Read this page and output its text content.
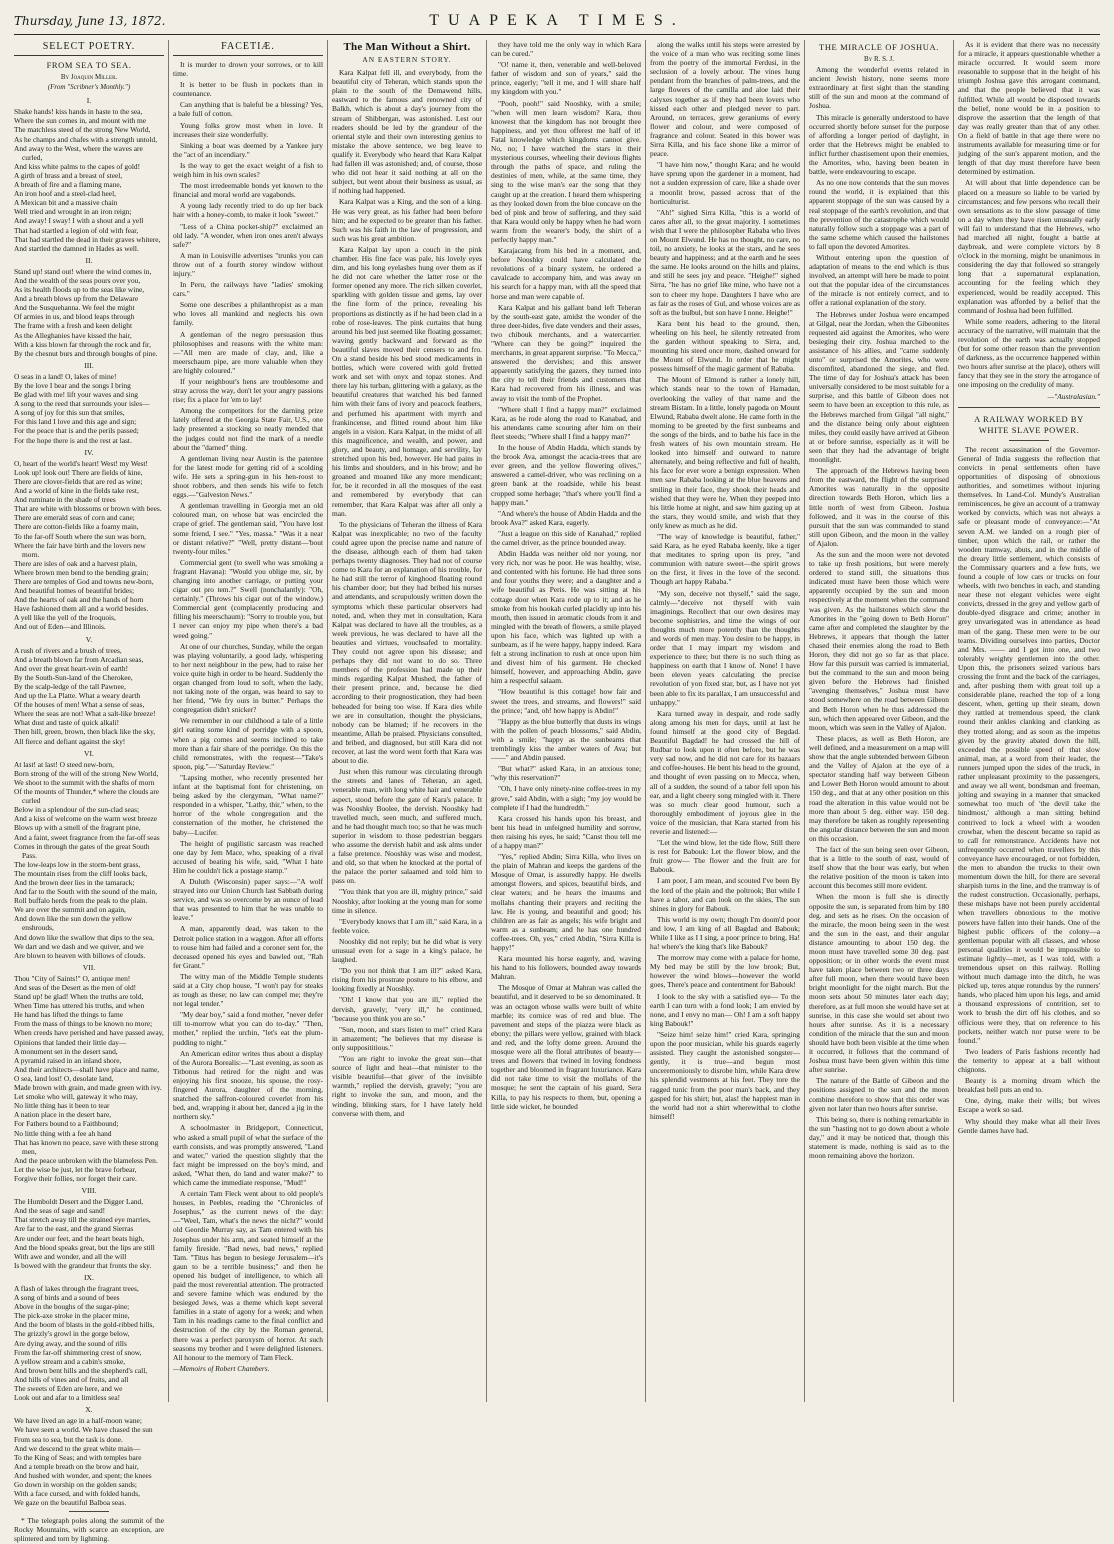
Thursday, June 13, 1872.	TUAPEKA TIMES.
SELECT POETRY.
FROM SEA TO SEA.
By Joaquin Miller.
(From "Scribner's Monthly.")
I.
Shake hands! kiss hands in haste to the sea,
Where the sun comes in, and mount with me
The matchless steed of the strong New World,
As he champs and chafes with a strength untold,
And away to the West, where the waves are curled,
And kiss white palms to the capes of gold!
A girth of brass and a breast of steel,
A breath of fire and a flaming mane,
An iron hoof and a steel-clad heel,
A Mexican bit and a massive chain
Well tried and wrought in an iron reign;
And away! I sway! I with a shout and a yell
That had startled a legion of old with fear,
That had startled the dead in their graves whitere,
And startled the damned in Hades as well.
II.
Stand up! stand out! where the wind comes in,
And the wealth of the seas pours over you,
As its health floods up to the seas like wine,
And a breath blows up from the Delaware
And the Susquehanna. We feel the might
Of armies in us, and blood leaps through
The frame with a fresh and keen delight
As the Alleghanies have kissed the hair,
With a kiss blown far through the rock and fir,
By the chesnut burs and through boughs of pine.
III.
O seas in a land! O, lakes of mine!
By the love I bear and the songs I bring
Be glad with me! lift your waves and sing
A song to the reed that surrounds your isles—
A song of joy for this sun that smiles,
For this land I love and this age and sign;
For the peace that is and the perils passed;
For the hope there is and the rest at last.
IV.
O, heart of the world's heart! West! my West!
Look up! look out! There are fields of kine,
There are clover-fields that are red as wine;
And a world of kine in the fields take rest,
And ruminate in the shade of trees
That are white with blossoms or brown with bees.
There are emerald seas of corn and cane;
There are cotton-fields like a foamy main,
To the far-off South where the sun was born,
Where the fair have birth and the lovers new morn.
There are isles of oak and a harvest plain,
Where brown men bend to the bending grain;
There are temples of God and towns new-born,
And beautiful homes of beautiful brides;
And the hearts of oak and the hands of horn
Have fashioned them all and a world besides.
A yell like the yell of the Iroquois,
And out of Eden—and Illinois.
V.
A rush of rivers and a brush of trees,
And a breath blown far from Arcadian seas,
And over the great heart-vein of earth!
By the South-Sun-land of the Cherokee,
By the scalp-ledge of the tall Pawnee,
And up the La Platte. What a weary dearth
Of the houses of men! What a sense of seas,
Where the seas are not! What a salt-like breeze!
What dust and taste of quick alkali!
Then hill, green, brown, then black like the sky,
All fierce and defiant against the sky!
VI.
At last! at last! O steed new-born,
Born strong of the will of the strong New World,
We shoot to the summit with the shafts of morn
Of the mounts of Thunder,* where the clouds are curled
Below in a splendour of the sun-clad seas;
And a kiss of welcome on the warm west breeze
Blows up with a smell of the fragrant pine,
And a faint, sweet fragrance from the far-off seas
Comes in through the gates of the great South Pass.
The low-leaps low in the storm-bent grass,
The mountain rises from the cliff looks back,
And the brown deer lies in the tamarack;
And far to the South with the sound of the main,
Roll buffalo herds from the peak to the plain.
We are over the summit and on again,
And down like the sun down the yellow enshrouds,
And down like the swallow that dips to the sea,
We dart and we dash and we quiver, and we
Are blown to heaven with billows of clouds.
VII.
Thou "City of Saints!" O, antique men!
And seas of the Desert as the men of old!
Stand up! be glad! When the truths are told,
When Time has uttered his truths, and when
He hand has lifted the things to fame
From the mass of things to be known no more;
When creeds have perished and have passed away,
Opinions that landed their little day—
A monument set in the desert sand,
A pyramid raised in an inland shore,
And their architects—shall have place and name,
O sea, land lost! O, desolate land,
Made brown with grain, and made green with ivy.
Let smoke who will, gateway it who may,
No little thing has it been to tear
A nation place in the desert bare,
For Fathers bound to a Faithbound;
No little thing with a fee ah hand
That has known no peace, save with these strong men,
And the peace unbroken with the blameless Pen.
Let the wise be just, let the brave forbear,
Forgive their follies, nor forget their care.
VIII.
The Humboldt Desert and the Digger Land,
And the seas of sage and sand!
That stretch away till the strained eye marries,
Are far to the east, and the grand Sierras
Are under our feet, and the heart beats high,
And the blood speaks great, but the lips are still
With awe and wonder, and all the will
Is bowed with the grandeur that fronts the sky.
IX.
A flash of lakes through the fragrant trees,
A song of birds and a sound of bees
Above in the boughs of the sugar-pine;
The pick-axe stroke in the placer mine,
And the boom of blasts in the gold-ribbed hills,
The grizzly's growl in the gorge below,
Are dying away, and the sound of rills
From the far-off shimmering crest of snow,
A yellow stream and a cabin's smoke,
And brown bent hills and the shepherd's call,
And hills of vines and of fruits, and all
The sweets of Eden are here, and we
Look out and afar to a limitless sea!
X.
We have lived an age in a half-moon wane;
We have seen a world. We have chased the sun
From sea to sea, but the task is done.
And we descend to the great white main—
To the King of Seas; and with temples bare
And a temple breath on the brow and hair,
And hushed with wonder, and spent; the knees
Go down in worship on the golden sands;
With a face cursed, and with folded hands,
We gaze on the beautiful Balboa seas.

* The telegraph poles along the summit of the Rocky Mountains, with scarce an exception, are splintered and torn by lightning.

FACETIÆ.

It is murder to drown your sorrows, or to kill time.

It is better to be flush in pockets than in countenance.

Can anything that is baleful be a blessing? Yes, a bale full of cotton.

Young folks grow most when in love. It increases their size wonderfully.

Sinking a boat was deemed by a Yankee jury the "act of an incendiary."

Is the way to get the exact weight of a fish to weigh him in his own scales?

The most irredeemable bonds yet known to the financial and moral world are vagabonds.

A young lady recently tried to do up her back hair with a honey-comb, to make it look "sweet."

"Less of a China pocket-ship?" exclaimed an old lady. "A wonder, when iron ones aren't always safe?"

A man in Louisville advertises "trunks you can throw out of a fourth storey window without injury."

In Peru, the railways have "ladies' smoking cars."

Some one describes a philanthropist as a man who loves all mankind and neglects his own family.

A gentleman of the negro persuasion thus philosophises and reasons with the white man:—"All men are made of clay, and, like a meerschaum pipe, are more valuable when they are highly coloured."

If your neighbour's hens are troublesome and stray across the way, don't let your angry passions rise; fix a place for 'em to lay!

Among the competitors for the darning prize lately offered at the Georgia State Fair, U.S., one lady presented a stocking so neatly mended that the judges could not find the mark of a needle about the "darned" thing.

A gentleman living near Austin is the patentee for the latest mode for getting rid of a scolding wife. He sets a spring-gun in his hen-roost to shoot robbers, and then sends his wife to fetch eggs.—"Galveston News."

A gentleman travelling in Georgia met an old coloured man, on whose hat was encircled the crape of grief. The gentleman said, "You have lost some friend, I see." "Yes, massa." "Was it a near or distant relative?" "Well, pretty distant—'bout twenty-four miles."

Commercial gent (to swell who was smoking a fragrant Havana): "Would you oblige me, sir, by changing into another carriage, or putting your cigar out pro tem.?" Swell (nonchalantly): "Oh, certainly." (Throws his cigar out of the window.) Commercial gent (complacently producing and filling his meerschaum): "Sorry to trouble you, but I never can enjoy my pipe when there's a bad weed going."

At one of our churches, Sunday, while the organ was playing voluntarily, a good lady, whispering to her next neighbour in the pew, had to raise her voice quite high in order to be heard. Suddenly the organ changed from loud to soft, when the lady, not taking note of the organ, was heard to say to her friend, "We fry ours in butter." Perhaps the congregation didn't snicker?

We remember in our childhood a tale of a little girl eating some kind of porridge with a spoon, when a pig comes and seems inclined to take more than a fair share of the porridge. On this the child remonstrates, with the request—"Take's spoon, pig."—"Saturday Review."

"Lapsing mother, who recently presented her infant at the baptismal font for christening, on being asked by the clergyman, "What name?" responded in a whisper, "Lathy, thir," when, to the horror of the whole congregation and the consternation of the mother, he christened the baby—Lucifer.

The height of pugilistic sarcasm was reached one day by Jem Mace, who, speaking of a rival accused of beating his wife, said, "What I hate Him he couldn't lick a postage stamp."

A Duluth (Wisconsin) paper says:—"A wolf strayed into our Union Church last Sabbath during service, and was so overcome by an ounce of lead that was presented to him that he was unable to leave."

A man, apparently dead, was taken to the Detroit police station in a waggon. After all efforts to rouse him had failed and a coroner sent for, the deceased opened his eyes and bawled out, "Rah fer Grant."

The witty man of the Middle Temple students said at a City chop house, "I won't pay for steaks as tough as these; no law can compel me; they're not legal tender."

"My dear boy," said a fond mother, "never defer till to-morrow what you can do to-day." "Then, mother," replied the urchin, "let's eat the plum-pudding to night."

An American editor writes thus about a display of the Aurora Borealis:—"Last evening, as soon as Titbonus had retired for the night and was enjoying his first snooze, his spouse, the rosy-fingered Aurora, daughter of the morning, snatched the saffron-coloured coverlet from his bed, and, wrapping it about her, danced a jig in the northern sky."

A schoolmaster in Bridgeport, Connecticut, who asked a small pupil of what the surface of the earth consists, and was promptly answered, "Land and water," varied the question slightly that the fact might be impressed on the boy's mind, and asked, "What then, do land and water make?" to which came the immediate response, "Mud!"

A certain Tam Fleck went about to old people's houses, in Peebles, reading the "Chronicles of Josephus," as the current news of the day:—"Weel, Tam, what's the news the nicht?" would old Geordie Murray say, as Tam entered with his Josephus under his arm, and seated himself at the family fireside. "Bad news, bad news," replied Tam. "Titus has begun to besiege Jerusalem—it's gaun to be a terrible business;" and then he opened his budget of intelligence, to which all paid the most reverential attention. The protracted and severe famine which was endured by the besieged Jews, was a theme which kept several families in a state of agony for a week; and when Tam in his readings came to the final conflict and destruction of the city by the Roman general, there was a perfect paroxysm of horror. At such seasons my brother and I were delighted listeners. All honour to the memory of Tam Fleck.

—Memoirs of Robert Chambers.

The Man Without a Shirt.
AN EASTERN STORY.

Kara Kalpat fell ill, and everybody, from the beautiful city of Teheran, which stands upon the plain to the south of the Demawend hills, eastward to the famous and renowned city of Balkh, which is about a day's journey from the stream of Shibbergan, was astonished. Lest our readers should be led by the grandeur of the oriental style and their own interesting genius to mistake the above sentence, we beg leave to qualify it. Everybody who heard that Kara Kalpat had fallen ill was astonished; and, of course, those who did not hear it said nothing at all on the subject, but went about their business as usual, as if nothing had happened.

Kara Kalpat was a King, and the son of a king. He was very great, as his father had been before him; and he expected to be greater than his father. Such was his faith in the law of progression, and such was his great ambition.

Kara Kalpat lay upon a couch in the pink chamber. His fine face was pale, his lovely eyes dim, and his long eyelashes hung over them as if he did not care whether the latter rose or the former opened any more. The rich silken coverlet, sparkling with golden tissue and gems, lay over the fine form of the prince, revealing his proportions as distinctly as if he had been clad in a robe of rose-leaves. The pink curtains that hung around his bed just seemed like floating gossamer, waving gently backward and forward as the beautiful slaves moved their censers to and fro. On a stand beside his bed stood medicaments in bottles, which were covered with gold fretted work and set with onyx and topaz stones. And there lay his turban, glittering with a galaxy, as the beautiful creatures that watched his bed fanned him with their fans of ivory and peacock feathers, and perfumed his apartment with myrrh and frankincense, and flitted round about him like angels in a vision. Kara Kalpat, in the midst of all this magnificence, and wealth, and power, and glory, and beauty, and homage, and servility, lay stretched upon his bed, however. He had pains in his limbs and shoulders, and in his brow; and he groaned and moaned like any more mendicant; for, be it recorded in all the mosques of the east and remembered by everybody that can remember, that Kara Kalpat was after all only a man.

To the physicians of Teheran the illness of Kara Kalpat was inexplicable; no two of the faculty could agree upon the precise name and nature of the disease, although each of them had taken perhaps twenty diagnoses. They had not of course come to Kara for an explanation of his trouble, for he had still the terror of kinghood floating round his chamber door; but they had bribed his nurses and attendants, and scrupulously written down the symptoms which these particular observers had noted, and, when they met in consultation, Kara Kalpat was declared to have all the troubles, as a week previous, he was declared to have all the beauties and virtues, vouchsafed to mortality. They could not agree upon his disease; and perhaps they did not want to do so. Three members of the profession had made up their minds regarding Kalpat Mushed, the father of their present prince, and, because he died according to their prognostication, they had been beheaded for being too wise. If Kara dies while we are in consultation, thought the physicians, nobody can be blamed; if he recovers in the meantime, Allah be praised. Physicians consulted, and bribed, and diagnosed, but still Kara did not recover, at last the word went forth that Kara was about to die.

Just when this rumour was circulating through the streets and lanes of Teheran, an aged, venerable man, with long white hair and venerable aspect, stood before the gate of Kara's palace. It was Nooshky Boolee, the dervish. Nooshky had travelled much, seen much, and suffered much, and he had thought much too; so that he was much superior in wisdom to those pedestrian beggars who assume the dervish habit and ask alms under a false pretence. Nooshky was wise and modest, and old, so that when he knocked at the portal of the palace the porter salaamed and told him to pass on.

"You think that you are ill, mighty prince," said Nooshky, after looking at the young man for some time in silence.

"Everybody knows that I am ill," said Kara, in a feeble voice.

Nooshky did not reply; but he did what is very unusual even for a sage in a king's palace, he laughed.

"Do you not think that I am ill?" asked Kara, rising from his prostrate posture to his elbow, and looking fixedly at Nooshky.

"Oh! I know that you are ill," replied the dervish, gravely; "very ill," he continued, "because you think you are so."

"Sun, moon, and stars listen to me!" cried Kara in amazement; "he believes that my disease is only supposititious."

"You are right to invoke the great sun—that source of light and heat—that minister to the visible beautiful—that giver of the invisible warmth," replied the dervish, gravely; "you are right to invoke the sun, and moon, and the winding, blinking stars, for I have lately held converse with them, and

they have told me the only way in which Kara can be cured."

"O! name it, then, venerable and well-beloved father of wisdom and son of years," said the prince, eagerly; "tell it me, and I will share half my kingdom with you."

"Pooh, pooh!" said Nooshky, with a smile; "when will men learn wisdom? Kara, thou knowest that the kingdom has not brought thee happiness, and yet thou offerest me half of it! Fatal knowledge which kingdoms cannot give. No, no; I have watched the stars in their mysterious courses, wheeling their devious flights through the paths of space, and ruling the destinies of men, while, at the same time, they sing to the wise man's ear the song that they caught up at the creation. I heard them whispering as they looked down from the blue concave on the bed of pink and brow of suffering, and they said that Kara would only be happy when he had worn warm from the wearer's body, the shirt of a perfectly happy man."

Karajacang from his bed in a moment, and, before Nooshky could have calculated the revolutions of a binary system, he ordered a cavalcade to accompany him, and was away on his search for a happy man, with all the speed that horse and man were capable of.

Kara Kalpat and his gallant band left Teheran by the south-east gate, amidst the wonder of the three deer-hides, five date venders and their asses, two chibouk merchants, and a watercarrier. "Where can they be going?" inquired the merchants, in great apparent surprise. "To Mecca," answered the dervishes; and this answer apparently satisfying the gazers, they turned into the city to tell their friends and customers that Kara had recovered from his illness, and was away to visit the tomb of the Prophet.

"Where shall I find a happy man?" exclaimed Kara, as he rode along the road to Kanabad, and his attendants came scouring after him on their fleet steeds; "Where shall I find a happy man?"

In the house of Abdin Hadda, which stands by the brook Ava, amongst the acacia-trees that are ever green, and the yellow flowering olives," answered a camel-driver, who was reclining on a green bank at the roadside, while his beast cropped some herbage; "that's where you'll find a happy man."

"And where's the house of Abdin Hadda and the brook Ava?" asked Kara, eagerly.

"Just a league on this side of Kanahad," replied the camel driver, as the prince bounded away.

Abdin Hadda was neither old nor young, nor very rich, nor was he poor. He was healthy, wise, and contented with his fortune. He had three sons and four youths they were; and a daughter and a wife beautiful as Peris. He was sitting at his cottage door when Kara rode up to it; and as he smoke from his hookah curled placidly up into his mouth, then issued in aromatic clouds from it and mingled with the breath of flowers, a smile played upon his face, which was lighted up with a sunbeam, as if he were happy, happy indeed. Kara felt a strong inclination to rush at once upon him and divest him of his garment. He checked himself, however, and approaching Abdin, gave him a respectful salaam.

"How beautiful is this cottage! how fair and sweet the trees, and streams, and flowers!" said the prince; "and, oh! how happy is Abdin!"

"Happy as the blue butterfly that dusts its wings with the pollen of peach blossoms," said Abdin, with a smile; "happy as the sunbeams that tremblingly kiss the amber waters of Ava; but——" and Abdin paused.

"But what?" asked Kara, in an anxious tone; "why this reservation?"

"Oh, I have only ninety-nine coffee-trees in my grove," said Abdin, with a sigh; "my joy would be complete if I had the hundredth."

Kara crossed his hands upon his breast, and bent his head in unfeigned humility and sorrow, then raising his eyes, he said; "Canst thou tell me of a happy man?"

"Yes," replied Abdin; Sirra Killa, who lives on the plain of Mahran and keeps the gardens of the Mosque of Omar, is assuredly happy. He dwells amongst flowers, and spices, beautiful birds, and clear waters; and he hears the imaums and mollahs chanting their prayers and reciting the law. He is young, and beautiful and good; his children are as fair as angels; his wife bright and warm as a sunbeam; and he has one hundred coffee-trees. Oh, yes," cried Abdin, "Sirra Killa is happy!"

Kara mounted his horse eagerly, and, waving his hand to his followers, bounded away towards Mahran.

The Mosque of Omar at Mahran was called the beautiful, and it deserved to be so denominated. It was an octagon whose walls were built of white marble; its cornice was of red and blue. The pavement and steps of the piazza were black as ebony; the pillars were yellow, grained with black and red, and the lofty dome green. Around the mosque were all the floral attributes of beauty—trees and flowers that twined in loving fondness together and bloomed in fragrant luxuriance. Kara did not take time to visit the mollahs of the mosque; he sent the captain of his guard, Sera Killa, to pay his respects to them, but, opening a little side wicket, he bounded

along the walks until his steps were arrested by the voice of a man who was reciting some lines from the poetry of the immortal Ferdusi, in the seclusion of a lovely arbour. The vines hung pendant from the branches of palm-trees, and the large flowers of the camilla and aloe laid their calyxes together as if they had been lovers who kissed each other and pledged never to part. Around, on terraces, grew geraniums of every flower and colour, and were composed of fragrance and colour. Seated in this bower was Sirra Killa, and his face shone like a mirror of peace.

"I have him now," thought Kara; and he would have sprung upon the gardener in a moment, had not a sudden expression of care, like a shade over a moonlit brow, passed across that of the horticulturist.

"Ah!" sighed Sirra Killa, "this is a world of cares after all, to the great majority. I sometimes wish that I were the philosopher Rababa who lives on Mount Elwund. He has no thought, no care, no toil, no anxiety, he looks at the stars, and he sees beauty and happiness; and at the earth and he sees the same. He looks around on the hills and plains, and still he sees joy and peace. "Heighe!" sighed Sirra, "he has no grief like mine, who have not a son to cheer my hope. Daughters I have who are as fair as the roses of Gul, and whose voices are as soft as the bulbul, but son have I none. Heighe!"

Kara bent his head to the ground, then, wheeling on his heel, he silently retreated from the garden without speaking to Sirra, and, mounting his steed once more, dashed onward for the Mount of Elwund. In order that he might possess himself of the magic garment of Rababa.

The Mount of Elmond is rather a lonely hill, which stands near to the town of Hamadan, overlooking the valley of that name and the stream Bistam. In a little, lonely pagoda on Mount Elwund, Rababa dwelt alone. He came forth in the morning to be greeted by the first sunbeams and the songs of the birds, and to bathe his face in the fresh waters of his own mountain stream. He looked into himself and outward to nature alternately, and being reflective and full of health, his face for ever wore a benign expression. When men saw Rababa looking at the blue heavens and smiling in their face, they shook their heads and wished that they were he. When they peeped into his little home at night, and saw him gazing up at the stars, they would smile, and wish that they only knew as much as he did.

"The way of knowledge is beautiful, father," said Kara, as he eyed Rababa keenly, like a tiger that meditates to spring upon its prey, "and communion with nature sweet—the spirit grows on the first, it lives in the love of the second. Though art happy Rababa."

"My son, deceive not thyself," said the sage, calmly—"deceive not thyself with vain imaginings. Recollect that our own desires may become sophistries, and time the wings of our thoughts much more potently than the thoughts and words of men may. You desire to be happy, in order that I may impart my wisdom and experience to thee; but there is no such thing as happiness on earth that I know of. None! I have been eleven years calculating the precise revolution of yon fixed star, but, as I have not yet been able to fix its parallax, I am unsuccessful and unhappy."

Kara turned away in despair, and rode sadly along among his men for days, until at last he found himself at the good city of Begdad. Beautiful Bagdad! he had crossed the hill of Rudbar to look upon it often before, but he was very sad now, and he did not care for its bazaars and coffee-houses. He bent his head to the ground, and thought of even passing on to Mecca, when, all of a sudden, the sound of a tabor fell upon his ear, and a light cheery song mingled with it. There was so much clear good humour, such a thoroughly embodiment of joyous glee in the voice of the musician, that Kara started from his reverie and listened:—

"Let the wind blow, let the tide flow, Still there is rest for Babouk: Let the flower blow, and the fruit grow— The flower and the fruit are for Babouk.

I am poor, I am mean, and scouted I've been By the lord of the plain and the poltrook; But while I have a tabor, and can look on the skies, The sun shines in glory for Babouk.

This world is my own; though I'm doom'd poor and low, I am king of all Bagdad and Babouk; While I like as I I sing, a poor prince to bring, Ha! ha! where's the king that's like Babouk?

The morrow may come with a palace for home, My bed may be still by the low brook; But, however the wind blows—however the world goes, There's peace and contentment for Babouk!

I look to the sky with a satisfied eye— To the earth I can turn with a fond look; I am envied by none, and I envy no man— Oh! I am a soft happy king Babouk!"

"Seize him! seize him!" cried Kara, springing upon the poor musician, while his guards eagerly assisted. They caught the astonished songster—gently, it is true—and begun most unceremoniously to disrobe him, while Kara drew his splendid vestments at his feet. They tore the ragged tunic from the poor man's back, and they gasped for his shirt; but, alas! the happiest man in the world had not a shirt wherewithal to clothe himself!

THE MIRACLE OF JOSHUA.
By R. S. J.

Among the wonderful events related in ancient Jewish history, none seems more extraordinary at first sight than the standing still of the sun and moon at the command of Joshua.

This miracle is generally understood to have occurred shortly before sunset for the purpose of affording a longer period of daylight, in order that the Hebrews might be enabled to inflict further chastisement upon their enemies, the Amorites, who, having been beaten in battle, were endeavouring to escape.

As no one now contends that the sun moves round the world, it is explained that this apparent stoppage of the sun was caused by a real stoppage of the earth's revolution, and that the prevention of the catastrophe which would naturally follow such a stoppage was a part of the same scheme which caused the hailstones to fall upon the devoted Amorites.

Without entering upon the question of adaptation of means to the end which is thus involved, an attempt will here be made to point out that the popular idea of the circumstances of the miracle is not entirely correct, and to offer a rational explanation of the story.

The Hebrews under Joshua were encamped at Gilgal, near the Jordan, when the Gibeonites requested aid against the Amorites, who were besieging their city. Joshua marched to the assistance of his allies, and "came suddenly unto" or surprised the Amorites, who were discomfited, abandoned the siege, and fled. The time of day for Joshua's attack has been universally considered to be most suitable for a surprise, and this battle of Gibeon does not seem to have been an exception to this rule, as the Hebrews marched from Gilgal "all night," and the distance being only about eighteen miles, they could easily have arrived at Gibeon at or before sunrise, especially as it will be seen that they had the advantage of bright moonlight.

The approach of the Hebrews having been from the eastward, the flight of the surprised Amorites was naturally in the opposite direction towards Beth Horon, which lies a little north of west from Gibeon. Joshua followed, and it was in the course of this pursuit that the sun was commanded to stand still upon Gibeon, and the moon in the valley of Ajalon.

As the sun and the moon were not devoted to take up fresh positions, but were merely ordered to stand still, the situations thus indicated must have been those which were apparently occupied by the sun and moon respectively at the moment when the command was given. As the hailstones which slew the Amorites in the "going down to Beth Horon" came after and completed the slaughter by the Hebrews, it appears that though the latter chased their enemies along the road to Beth Horon, they did not go so far as that place. How far this pursuit was carried is immaterial, but the command to the sun and moon being given before the Hebrews had finished "avenging themselves," Joshua must have stood somewhere on the road between Gibeon and Beth Horon when he thus addressed the sun, which then appeared over Gibeon, and the moon, which was seen in the Valley of Ajalon.

These places, as well as Beth Horon, are well defined, and a measurement on a map will show that the angle subtended between Gibeon and the Valley of Ajalon at the eye of a spectator standing half way between Gibeon and Lower Beth Horon would amount to about 150 deg., and that at any other position on this road the alteration in this value would not be more than about 5 deg. either way. 150 deg. may therefore be taken as roughly representing the angular distance between the sun and moon on this occasion.

The fact of the sun being seen over Gibeon, that is a little to the south of east, would of itself show that the hour was early, but when the relative position of the moon is taken into account this becomes still more evident.

When the moon is full she is directly opposite the sun, is separated from him by 180 deg. and sets as he rises. On the occasion of the miracle, the moon being seen in the west and the sun in the east, and their angular distance amounting to about 150 deg. the moon must have travelled some 30 deg. past opposition; or in other words the event must have taken place between two or three days after full moon, when there would have been bright moonlight for the night march. But the moon sets about 50 minutes later each day; therefore, as at full moon she would have set at sunrise, in this case she would set about two hours after sunrise. As it is a necessary condition of the miracle that the sun and moon should have both been visible at the time when it occurred, it follows that the command of Joshua must have been given within this time after sunrise.

The nature of the Battle of Gibeon and the positions assigned to the sun and the moon combine therefore to show that this order was given not later than two hours after sunrise.

This being so, there is nothing remarkable in the sun "hasting not to go down about a whole day," and it may be noticed that, though this statement is made, nothing is said as to the moon remaining above the horizon.

As it is evident that there was no necessity for a miracle, it appears questionable whether a miracle occurred. It would seem more reasonable to suppose that in the height of his triumph Joshua gave this arrogant command, and that the people believed that it was fulfilled. While all would be disposed towards the belief, none would be in a position to disprove the assertion that the length of that day was really greater than that of any other. On a field of battle in that age there were no instruments available for measuring time or for judging of the sun's apparent motion, and the length of that day must therefore have been determined by estimation.

At will about that little dependence can be placed on a measure so liable to be varied by circumstances; and few persons who recall their own sensations as to the slow passage of time on a day when they have risen unusually early will fail to understand that the Hebrews, who had marched all night, fought a battle at daybreak, and were complete victors by 8 o'clock in the morning, might be unanimous in considering the day that followed so strangely long that a supernatural explanation, accounting for the feeling which they experienced, would be readily accepted. This explanation was afforded by a belief that the command of Joshua had been fulfilled.

While some readers, adhering to the literal accuracy of the narrative, will maintain that the revolution of the earth was actually stopped (but for some other reason than the prevention of darkness, as the occurrence happened within two hours after sunrise at the place), others will fancy that they see in the story the arrogance of one imposing on the credulity of many.

—"Australasian."

A RAILWAY WORKED BY WHITE SLAVE POWER.

The recent assassination of the Governor-General of India suggests the reflection that convicts in penal settlements often have opportunities of disposing of obnoxious authorities, and sometimes without injuring themselves. In Land-Col. Mundy's Australian reminiscences, he give an account of a tramway worked by convicts, which was not always a safe or pleasant mode of conveyance:—"At seven A.M. we landed on a rough pier of timber, upon which the rail, or rather the wooden tramway, abuts, and in the middle of the dreary little settlement, which consists of the Commissary quarters and a few huts, we found a couple of low cars or trucks on four wheels, with two benches in each, and standing near these not elegant vehicles were eight convicts, dressed in the grey and yellow garb of double-dyed disgrace and crime; another in grey unvariegated was in attendance as head man of the gang. These men were to be our teams. Dividing ourselves into parties, Doctor and Mrs. —— and I got into one, and two tolerably weighty gentlemen into the other. Upon this, the prisoners seized various bars crossing the front and the back of the carriages, and, after pushing them with great toil up a considerable plane, reached the top of a long descent, when, getting up their steam, down they rattled at tremendous speed, the clank round their ankles clanking and clanking as they trotted along; and as soon as the impetus given by the gravity abated down the hill, exceeded the possible speed of that slow animal, man, at a word from their leader, the runners jumped upon the sides of the truck, in rather unpleasant proximity to the passengers, and away we all went, bondsman and freeman, jolting and swaying in a manner that smacked somewhat too much of 'the devil take the hindmost,' although a man sitting behind contrived to lock a wheel with a wooden crowbar, when the descent became so rapid as to call for remonstrance. Accidents have not unfrequently occurred when travellers by this conveyance have encouraged, or not forbidden, the men to abandon the trucks to their own momentum down the hill, for there are several sharpish turns in the line, and the tramway is of the rudest construction. Occasionally, perhaps, these mishaps have not been purely accidental when travellers obnoxious to the motive powers have fallen into their hands. One of the highest public officers of the colony—a gentleman popular with all classes, and whose personal qualities it would be impossible to estimate lightly—met, as I was told, with a tremendous upset on this railway. Rolling without much damage into the ditch, he was picked up, teres atque rotundus by the runners' hands, who placed him upon his legs, and amid a thousand expressions of contrition, set to work to brush the dirt off his clothes, and so officious were they, that on reference to his pockets, neither watch nor purse were to be found."

Two leaders of Paris fashions recently had the temerity to appear at a ball without chignons.

Beauty is a morning dream which the breakfast bell puts an end to.

One, dying, make their wills; but wives Escape a work so sad.

Why should they make what all their lives Gentle dames have had.
